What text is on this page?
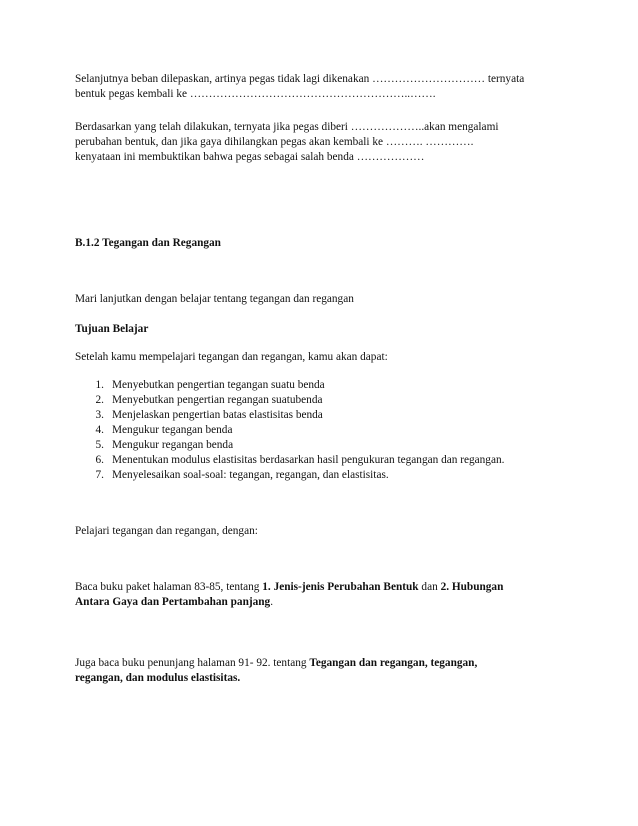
Selanjutnya beban dilepaskan, artinya pegas tidak lagi dikenakan ………………………… ternyata

bentuk pegas kembali ke …………………………………………………..…….

Berdasarkan yang telah dilakukan, ternyata jika pegas diberi ………………..akan mengalami

perubahan bentuk, dan jika gaya dihilangkan pegas akan kembali ke ………. ………….

kenyataan ini membuktikan bahwa pegas sebagai salah benda ………………

B.1.2 Tegangan dan Regangan

Mari lanjutkan dengan belajar tentang tegangan dan regangan

Tujuan Belajar

Setelah kamu mempelajari tegangan dan regangan, kamu akan dapat:

1. Menyebutkan pengertian tegangan suatu benda
2. Menyebutkan pengertian regangan suatubenda
3. Menjelaskan pengertian batas elastisitas benda
4. Mengukur tegangan benda
5. Mengukur regangan benda
6. Menentukan modulus elastisitas berdasarkan hasil pengukuran tegangan dan regangan.
7. Menyelesaikan soal-soal: tegangan, regangan, dan elastisitas.

Pelajari tegangan dan regangan, dengan:

Baca buku paket halaman 83-85, tentang 1. Jenis-jenis Perubahan Bentuk dan 2. Hubungan

Antara Gaya dan Pertambahan panjang.

Juga baca buku penunjang halaman 91- 92. tentang Tegangan dan regangan, tegangan,

regangan, dan modulus elastisitas.
